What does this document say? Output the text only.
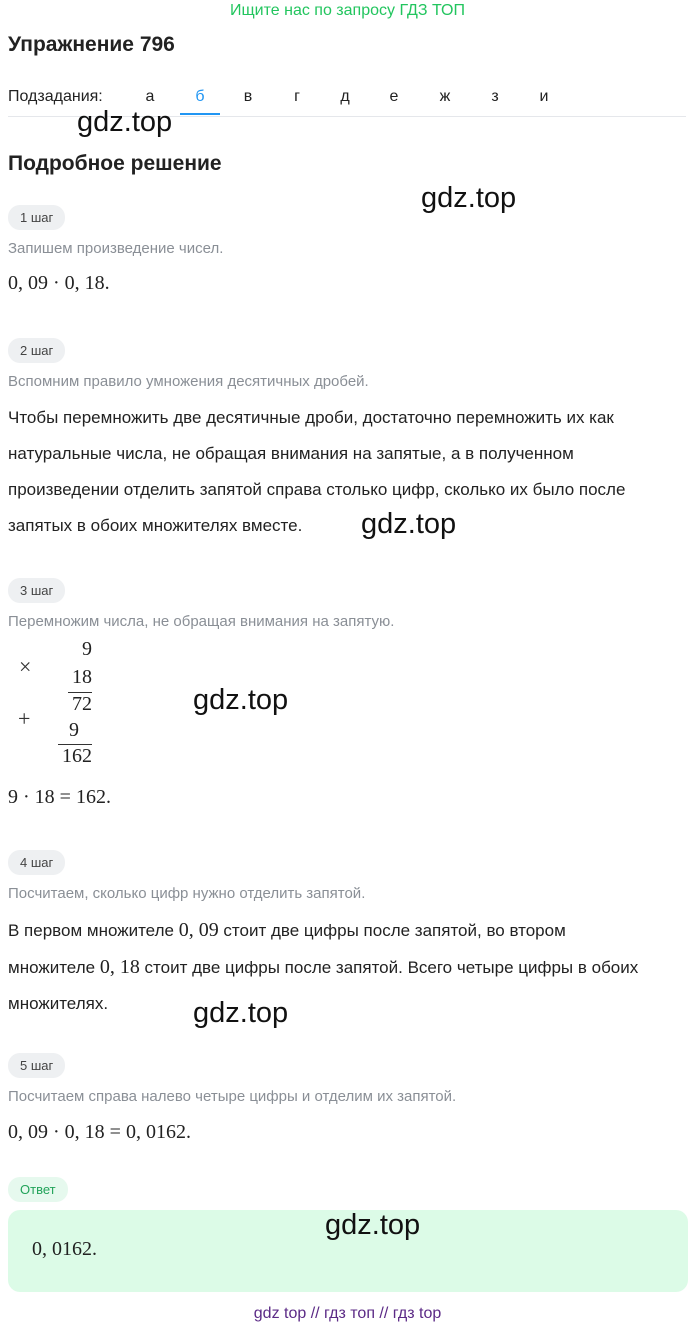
Ищите нас по запросу ГДЗ ТОП
Упражнение 796
Подзадания:	а	б	в	г	д	е	ж	з	и
gdz.top
gdz.top
gdz.top
gdz.top
gdz.top
gdz.top
Подробное решение
1 шаг
Запишем произведение чисел.
0, 09 · 0, 18.
2 шаг
Вспомним правило умножения десятичных дробей.
Чтобы перемножить две десятичные дроби, достаточно перемножить их как
натуральные числа, не обращая внимания на запятые, а в полученном
произведении отделить запятой справа столько цифр, сколько их было после
запятых в обоих множителях вместе.
3 шаг
Перемножим числа, не обращая внимания на запятую.
×
9
18
72
+	9
162
9 · 18 = 162.
4 шаг
Посчитаем, сколько цифр нужно отделить запятой.
В первом множителе 0, 09 стоит две цифры после запятой, во втором
множителе 0, 18 стоит две цифры после запятой. Всего четыре цифры в обоих
множителях.
5 шаг
Посчитаем справа налево четыре цифры и отделим их запятой.
0, 09 · 0, 18 = 0, 0162.
Ответ
0, 0162.
gdz top // гдз топ // гдз top
